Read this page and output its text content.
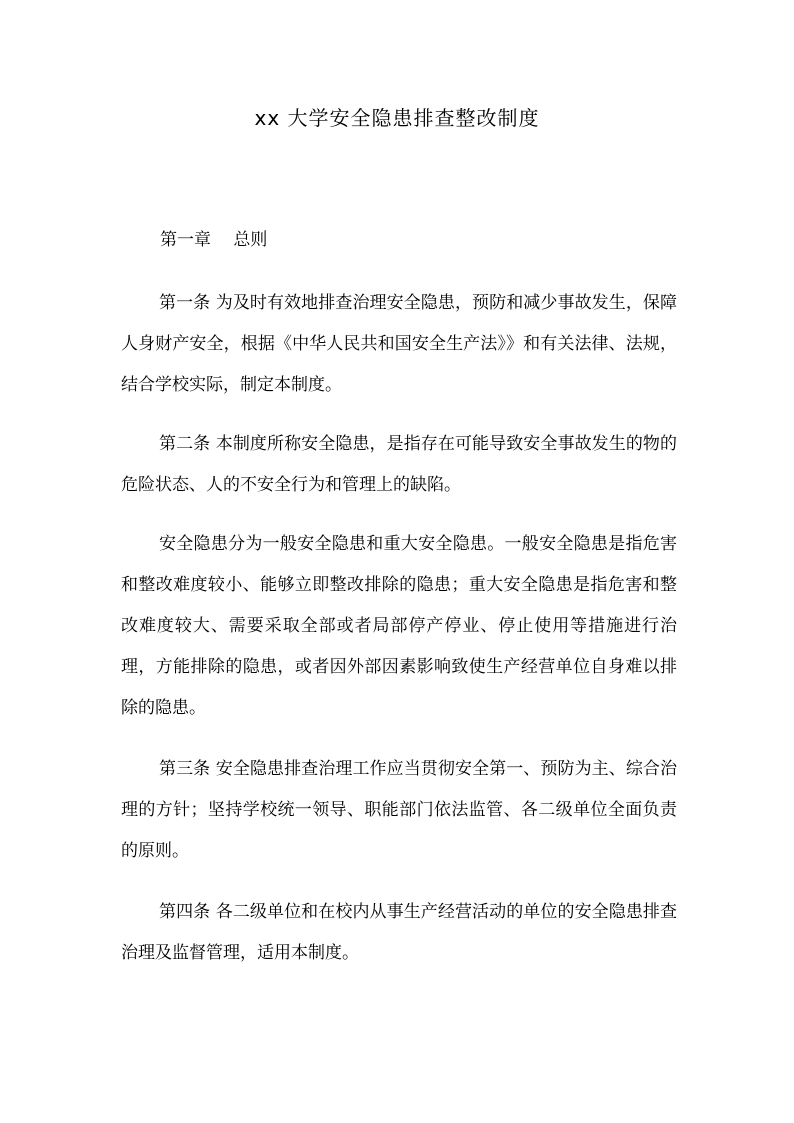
xx 大学安全隐患排查整改制度
第一章　 总则
第一条 为及时有效地排查治理安全隐患，预防和减少事故发生，保障人身财产安全，根据《中华人民共和国安全生产法》》和有关法律、法规，结合学校实际，制定本制度。
第二条 本制度所称安全隐患，是指存在可能导致安全事故发生的物的危险状态、人的不安全行为和管理上的缺陷。
安全隐患分为一般安全隐患和重大安全隐患。一般安全隐患是指危害和整改难度较小、能够立即整改排除的隐患；重大安全隐患是指危害和整改难度较大、需要采取全部或者局部停产停业、停止使用等措施进行治理，方能排除的隐患，或者因外部因素影响致使生产经营单位自身难以排除的隐患。
第三条 安全隐患排查治理工作应当贯彻安全第一、预防为主、综合治理的方针；坚持学校统一领导、职能部门依法监管、各二级单位全面负责的原则。
第四条 各二级单位和在校内从事生产经营活动的单位的安全隐患排查治理及监督管理，适用本制度。
